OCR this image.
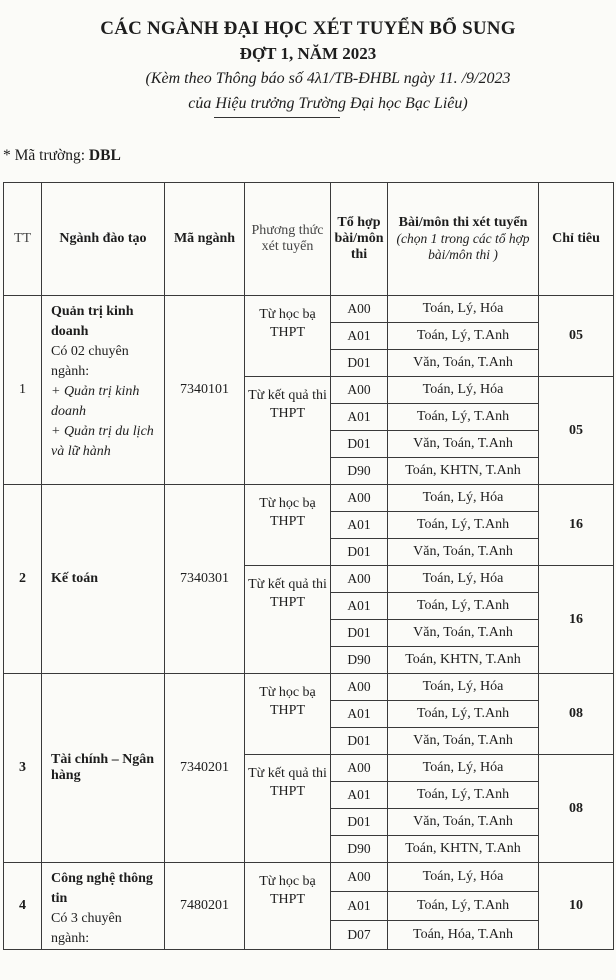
CÁC NGÀNH ĐẠI HỌC XÉT TUYỂN BỔ SUNG
ĐỢT 1, NĂM 2023
(Kèm theo Thông báo số 4λ1/TB-ĐHBL ngày 11. /9/2023
của Hiệu trưởng Trường Đại học Bạc Liêu)
* Mã trường: DBL
TT	Ngành đào tạo	Mã ngành	Phương thức xét tuyển	Tổ hợp bài/môn thi	Bài/môn thi xét tuyển
(chọn 1 trong các tổ hợp bài/môn thi )	Chỉ tiêu
1	Quản trị kinh doanh
Có 02 chuyên ngành:
+ Quản trị kinh doanh
+ Quản trị du lịch và lữ hành	7340101	Từ học bạ THPT	A00	Toán, Lý, Hóa	05
				A01	Toán, Lý, T.Anh	
				D01	Văn, Toán, T.Anh	
			Từ kết quả thi THPT	A00	Toán, Lý, Hóa	05
				A01	Toán, Lý, T.Anh	
				D01	Văn, Toán, T.Anh	
				D90	Toán, KHTN, T.Anh	
2	Kế toán	7340301	Từ học bạ THPT	A00	Toán, Lý, Hóa	16
				A01	Toán, Lý, T.Anh	
				D01	Văn, Toán, T.Anh	
			Từ kết quả thi THPT	A00	Toán, Lý, Hóa	16
				A01	Toán, Lý, T.Anh	
				D01	Văn, Toán, T.Anh	
				D90	Toán, KHTN, T.Anh	
3	Tài chính – Ngân hàng	7340201	Từ học bạ THPT	A00	Toán, Lý, Hóa	08
				A01	Toán, Lý, T.Anh	
				D01	Văn, Toán, T.Anh	
			Từ kết quả thi THPT	A00	Toán, Lý, Hóa	08
				A01	Toán, Lý, T.Anh	
				D01	Văn, Toán, T.Anh	
				D90	Toán, KHTN, T.Anh	
4	Công nghệ thông tin
Có 3 chuyên ngành:	7480201	Từ học bạ THPT	A00	Toán, Lý, Hóa	10
				A01	Toán, Lý, T.Anh	
				D07	Toán, Hóa, T.Anh	
